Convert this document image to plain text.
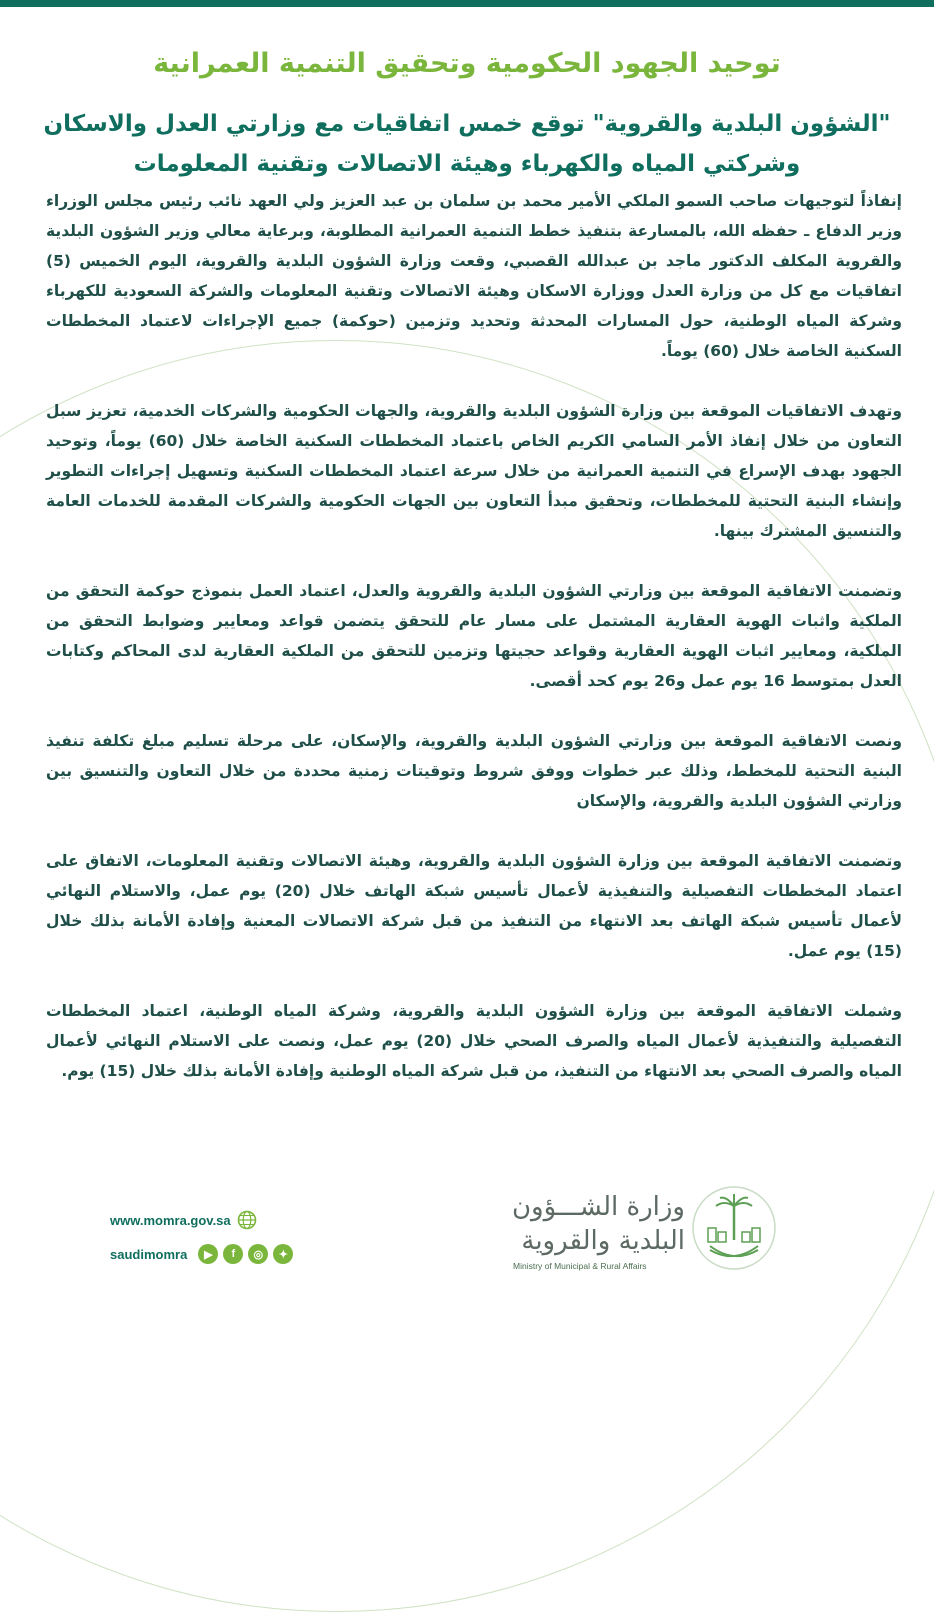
توحيد الجهود الحكومية وتحقيق التنمية العمرانية
"الشؤون البلدية والقروية" توقع خمس اتفاقيات مع وزارتي العدل والاسكان
وشركتي المياه والكهرباء وهيئة الاتصالات وتقنية المعلومات

إنفاذاً لتوجيهات صاحب السمو الملكي الأمير محمد بن سلمان بن عبد العزيز ولي العهد نائب رئيس مجلس الوزراء وزير الدفاع ـ حفظه الله، بالمسارعة بتنفيذ خطط التنمية العمرانية المطلوبة، وبرعاية معالي وزير الشؤون البلدية والقروية المكلف الدكتور ماجد بن عبدالله القصبي، وقعت وزارة الشؤون البلدية والقروية، اليوم الخميس (5) اتفاقيات مع كل من وزارة العدل ووزارة الاسكان وهيئة الاتصالات وتقنية المعلومات والشركة السعودية للكهرباء وشركة المياه الوطنية، حول المسارات المحدثة وتحديد وتزمين (حوكمة) جميع الإجراءات لاعتماد المخططات السكنية الخاصة خلال (60) يوماً.

وتهدف الاتفاقيات الموقعة بين وزارة الشؤون البلدية والقروية، والجهات الحكومية والشركات الخدمية، تعزيز سبل التعاون من خلال إنفاذ الأمر السامي الكريم الخاص باعتماد المخططات السكنية الخاصة خلال (60) يوماً، وتوحيد الجهود بهدف الإسراع في التنمية العمرانية من خلال سرعة اعتماد المخططات السكنية وتسهيل إجراءات التطوير وإنشاء البنية التحتية للمخططات، وتحقيق مبدأ التعاون بين الجهات الحكومية والشركات المقدمة للخدمات العامة والتنسيق المشترك بينها.

وتضمنت الاتفاقية الموقعة بين وزارتي الشؤون البلدية والقروية والعدل، اعتماد العمل بنموذج حوكمة التحقق من الملكية واثبات الهوية العقارية المشتمل على مسار عام للتحقق يتضمن قواعد ومعايير وضوابط التحقق من الملكية، ومعايير اثبات الهوية العقارية وقواعد حجيتها وتزمين للتحقق من الملكية العقارية لدى المحاكم وكتابات العدل بمتوسط 16 يوم عمل و26 يوم كحد أقصى.

ونصت الاتفاقية الموقعة بين وزارتي الشؤون البلدية والقروية، والإسكان، على مرحلة تسليم مبلغ تكلفة تنفيذ البنية التحتية للمخطط، وذلك عبر خطوات ووفق شروط وتوقيتات زمنية محددة من خلال التعاون والتنسيق بين وزارتي الشؤون البلدية والقروية، والإسكان

وتضمنت الاتفاقية الموقعة بين وزارة الشؤون البلدية والقروية، وهيئة الاتصالات وتقنية المعلومات، الاتفاق على اعتماد المخططات التفصيلية والتنفيذية لأعمال تأسيس شبكة الهاتف خلال (20) يوم عمل، والاستلام النهائي لأعمال تأسيس شبكة الهاتف بعد الانتهاء من التنفيذ من قبل شركة الاتصالات المعنية وإفادة الأمانة بذلك خلال (15) يوم عمل.

وشملت الاتفاقية الموقعة بين وزارة الشؤون البلدية والقروية، وشركة المياه الوطنية، اعتماد المخططات التفصيلية والتنفيذية لأعمال المياه والصرف الصحي خلال (20) يوم عمل، ونصت على الاستلام النهائي لأعمال المياه والصرف الصحي بعد الانتهاء من التنفيذ، من قبل شركة المياه الوطنية وإفادة الأمانة بذلك خلال (15) يوم.

www.momra.gov.sa
saudimomra	▶	f	◎	✦
وزارة الشـــؤون
البلدية والقروية
Ministry of Municipal & Rural Affairs
